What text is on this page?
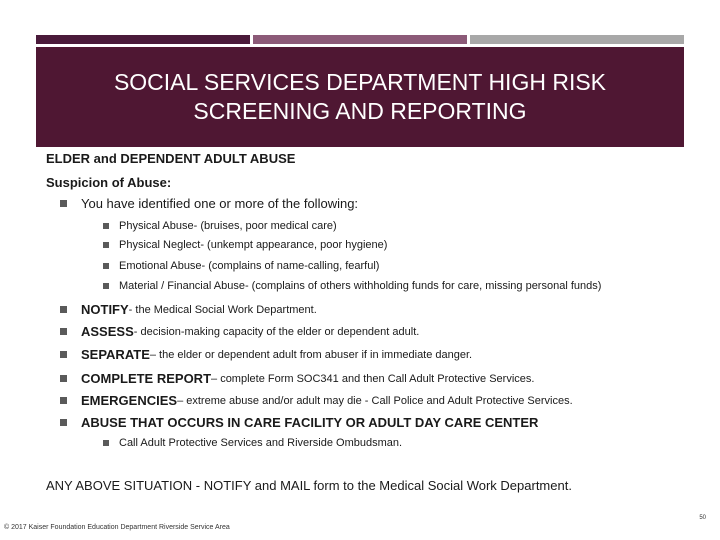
SOCIAL SERVICES DEPARTMENT HIGH RISK
SCREENING AND REPORTING
ELDER and DEPENDENT ADULT ABUSE
Suspicion of Abuse:
You have identified one or more of the following:
Physical Abuse- (bruises, poor medical care)
Physical Neglect- (unkempt appearance, poor hygiene)
Emotional Abuse- (complains of name-calling, fearful)
Material / Financial Abuse- (complains of others withholding funds for care, missing personal funds)
NOTIFY - the Medical Social Work Department.
ASSESS - decision-making capacity of the elder or dependent adult.
SEPARATE – the elder or dependent adult from abuser if in immediate danger.
COMPLETE REPORT – complete Form SOC341 and then Call Adult Protective Services.
EMERGENCIES – extreme abuse and/or adult may die - Call Police and Adult Protective Services.
ABUSE THAT OCCURS IN CARE FACILITY OR ADULT DAY CARE CENTER
Call Adult Protective Services and Riverside Ombudsman.
ANY ABOVE SITUATION - NOTIFY and MAIL form to the Medical Social Work Department.
50
© 2017 Kaiser Foundation Education Department Riverside Service Area
